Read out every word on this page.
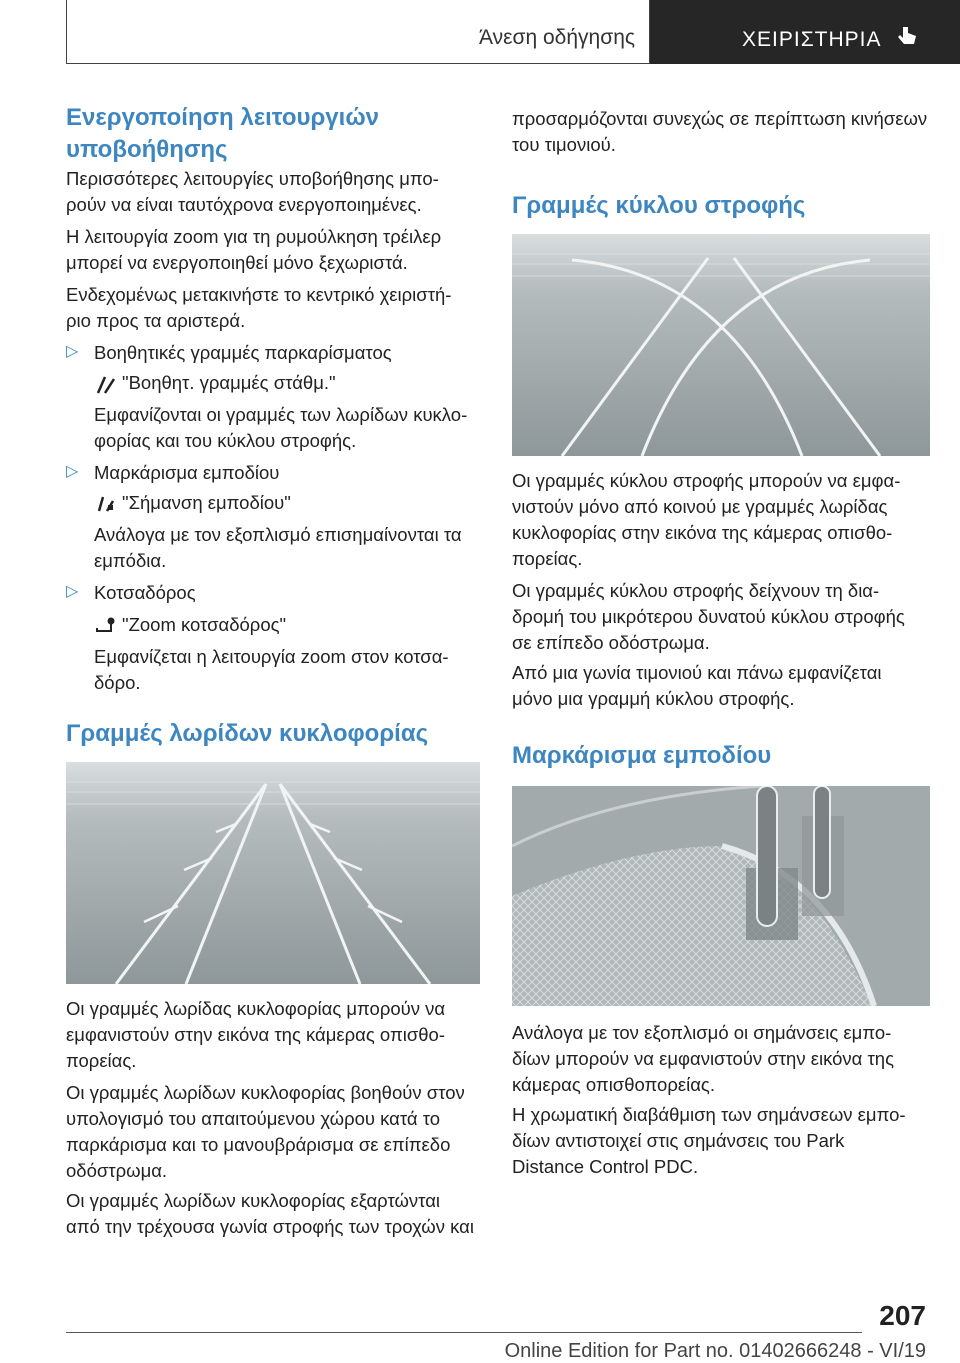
Άνεση οδήγησης	ΧΕΙΡΙΣΤΗΡΙΑ
Ενεργοποίηση λειτουργιών
υποβοήθησης

Περισσότερες λειτουργίες υποβοήθησης μπο-
ρούν να είναι ταυτόχρονα ενεργοποιημένες.

Η λειτουργία zoom για τη ρυμούλκηση τρέιλερ
μπορεί να ενεργοποιηθεί μόνο ξεχωριστά.

Ενδεχομένως μετακινήστε το κεντρικό χειριστή-
ριο προς τα αριστερά.

▷ Βοηθητικές γραμμές παρκαρίσματος
"Βοηθητ. γραμμές στάθμ."

Εμφανίζονται οι γραμμές των λωρίδων κυκλο-
φορίας και του κύκλου στροφής.

▷ Μαρκάρισμα εμποδίου
"Σήμανση εμποδίου"

Ανάλογα με τον εξοπλισμό επισημαίνονται τα
εμπόδια.

▷ Κοτσαδόρος
"Zoom κοτσαδόρος"

Εμφανίζεται η λειτουργία zoom στον κοτσα-
δόρο.

Γραμμές λωρίδων κυκλοφορίας

Οι γραμμές λωρίδας κυκλοφορίας μπορούν να
εμφανιστούν στην εικόνα της κάμερας οπισθο-
πορείας.

Οι γραμμές λωρίδων κυκλοφορίας βοηθούν στον
υπολογισμό του απαιτούμενου χώρου κατά το
παρκάρισμα και το μανουβράρισμα σε επίπεδο
οδόστρωμα.

Οι γραμμές λωρίδων κυκλοφορίας εξαρτώνται
από την τρέχουσα γωνία στροφής των τροχών και

προσαρμόζονται συνεχώς σε περίπτωση κινήσεων
του τιμονιού.

Γραμμές κύκλου στροφής

Οι γραμμές κύκλου στροφής μπορούν να εμφα-
νιστούν μόνο από κοινού με γραμμές λωρίδας
κυκλοφορίας στην εικόνα της κάμερας οπισθο-
πορείας.

Οι γραμμές κύκλου στροφής δείχνουν τη δια-
δρομή του μικρότερου δυνατού κύκλου στροφής
σε επίπεδο οδόστρωμα.

Από μια γωνία τιμονιού και πάνω εμφανίζεται
μόνο μια γραμμή κύκλου στροφής.

Μαρκάρισμα εμποδίου

Ανάλογα με τον εξοπλισμό οι σημάνσεις εμπο-
δίων μπορούν να εμφανιστούν στην εικόνα της
κάμερας οπισθοπορείας.

Η χρωματική διαβάθμιση των σημάνσεων εμπο-
δίων αντιστοιχεί στις σημάνσεις του Park
Distance Control PDC.

207
Online Edition for Part no. 01402666248 - VI/19
